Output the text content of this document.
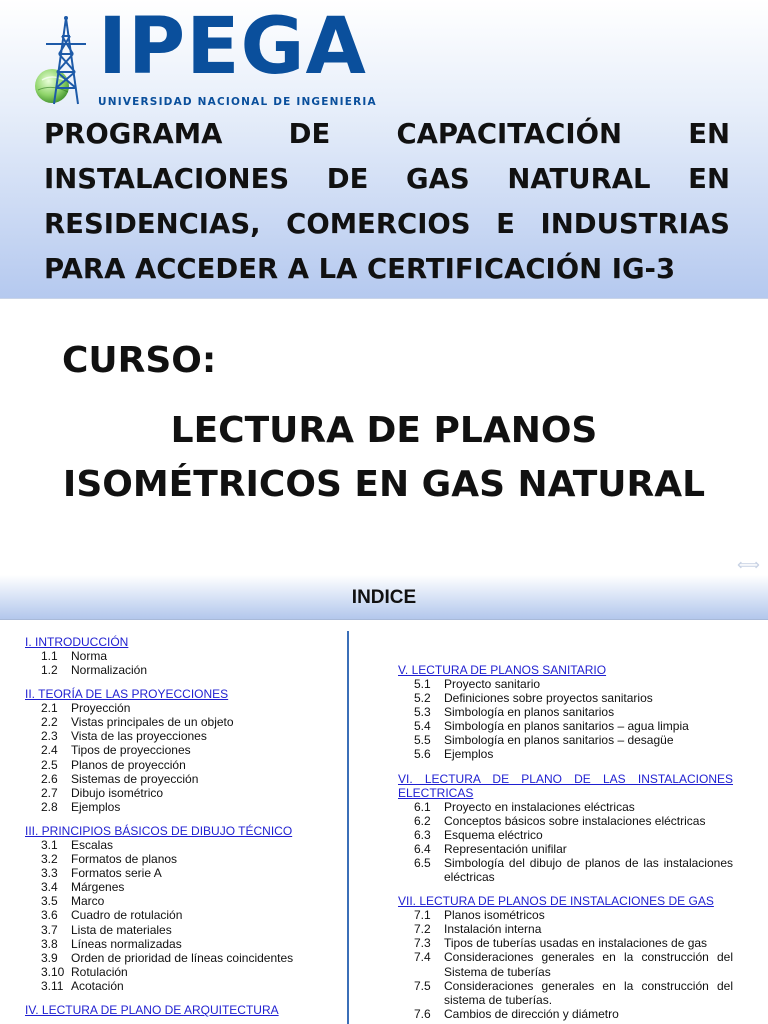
IPEGA
UNIVERSIDAD NACIONAL DE INGENIERIA

PROGRAMA DE CAPACITACIÓN EN INSTALACIONES DE GAS NATURAL EN RESIDENCIAS, COMERCIOS E INDUSTRIAS PARA ACCEDER A LA CERTIFICACIÓN IG-3

CURSO:

LECTURA DE PLANOS
ISOMÉTRICOS EN GAS NATURAL
⟺
INDICE
I. INTRODUCCIÓN
1.1	Norma
1.2	Normalización
II. TEORÍA DE LAS PROYECCIONES
2.1	Proyección
2.2	Vistas principales de un objeto
2.3	Vista de las proyecciones
2.4	Tipos de proyecciones
2.5	Planos de proyección
2.6	Sistemas de proyección
2.7	Dibujo isométrico
2.8	Ejemplos
III. PRINCIPIOS BÁSICOS DE DIBUJO TÉCNICO
3.1	Escalas
3.2	Formatos de planos
3.3	Formatos serie A
3.4	Márgenes
3.5	Marco
3.6	Cuadro de rotulación
3.7	Lista de materiales
3.8	Líneas normalizadas
3.9	Orden de prioridad de líneas coincidentes
3.10 Rotulación
3.11 Acotación
IV. LECTURA DE PLANO DE ARQUITECTURA
V. LECTURA DE PLANOS SANITARIO
5.1	Proyecto sanitario
5.2	Definiciones sobre proyectos sanitarios
5.3	Simbología en planos sanitarios
5.4	Simbología en planos sanitarios – agua limpia
5.5	Simbología en planos sanitarios – desagüe
5.6	Ejemplos
VI. LECTURA DE PLANO DE LAS INSTALACIONES ELECTRICAS
6.1	Proyecto en instalaciones eléctricas
6.2	Conceptos básicos sobre instalaciones eléctricas
6.3	Esquema eléctrico
6.4	Representación unifilar
6.5	Simbología del dibujo de planos de las instalaciones eléctricas
VII. LECTURA DE PLANOS DE INSTALACIONES DE GAS
7.1	Planos isométricos
7.2	Instalación interna
7.3	Tipos de tuberías usadas en instalaciones de gas
7.4	Consideraciones generales en la construcción del Sistema de tuberías
7.5	Consideraciones generales en la construcción del sistema de tuberías.
7.6	Cambios de dirección y diámetro
